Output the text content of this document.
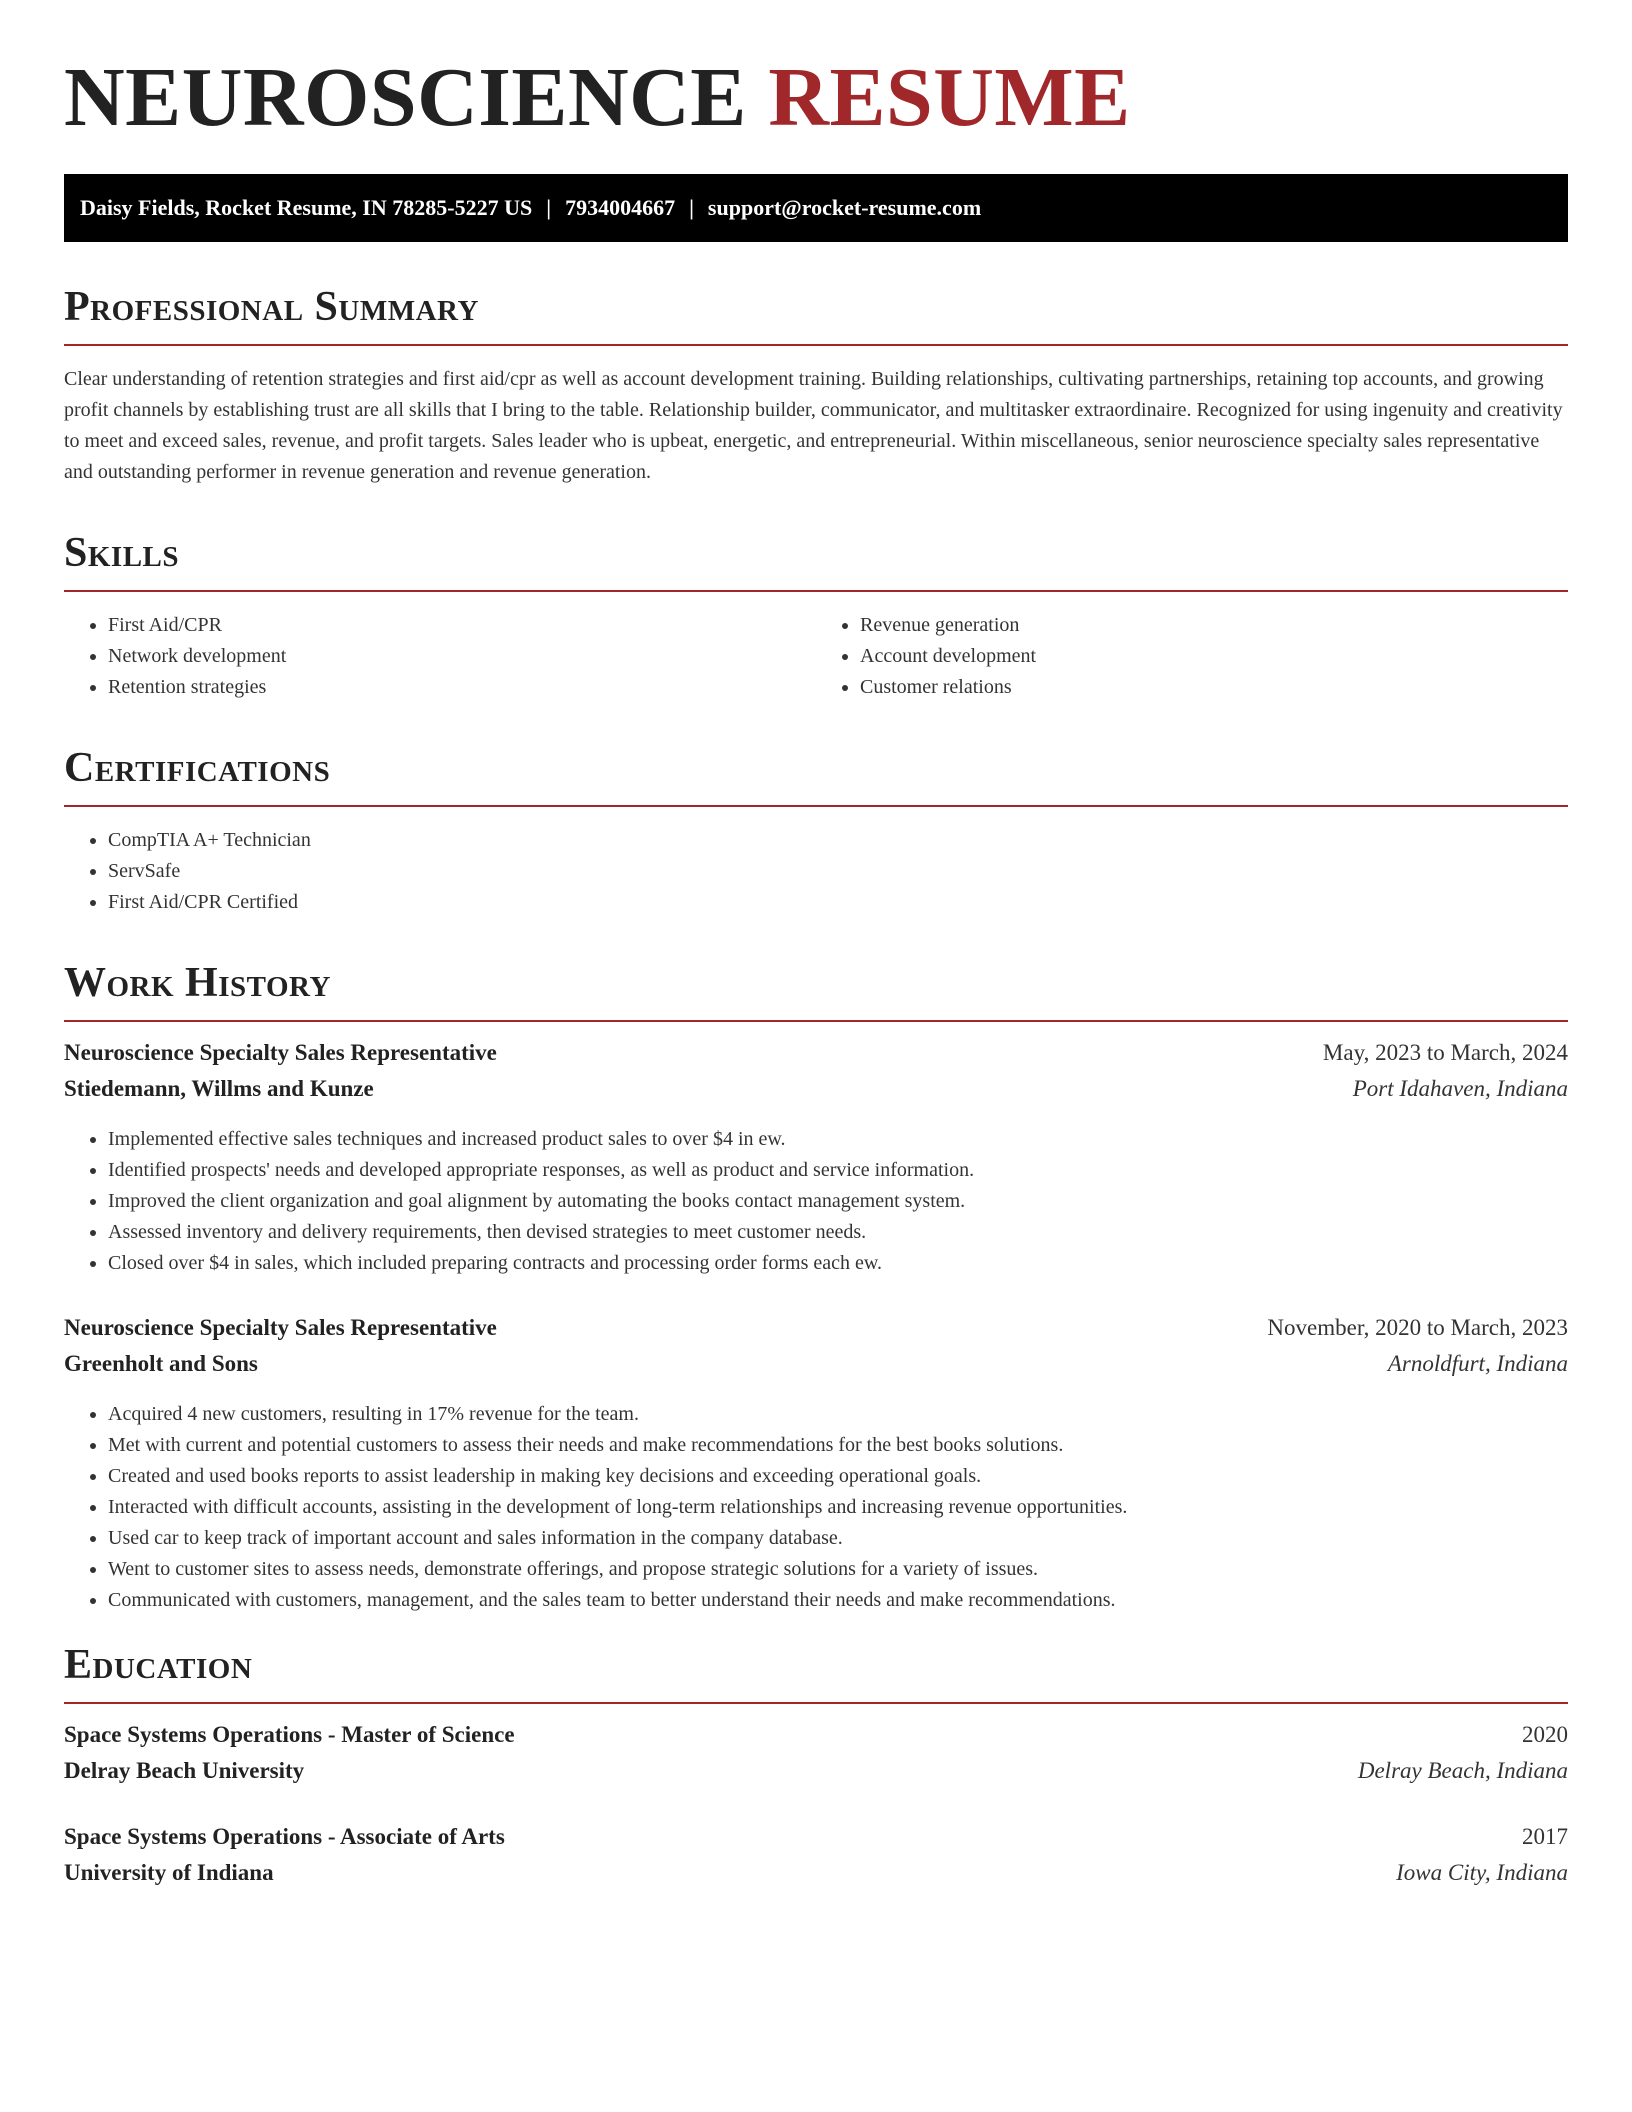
NEUROSCIENCE RESUME
Daisy Fields, Rocket Resume, IN 78285-5227 US | 7934004667 | support@rocket-resume.com
Professional Summary

Clear understanding of retention strategies and first aid/cpr as well as account development training. Building relationships, cultivating partnerships, retaining top accounts, and growing profit channels by establishing trust are all skills that I bring to the table. Relationship builder, communicator, and multitasker extraordinaire. Recognized for using ingenuity and creativity to meet and exceed sales, revenue, and profit targets. Sales leader who is upbeat, energetic, and entrepreneurial. Within miscellaneous, senior neuroscience specialty sales representative and outstanding performer in revenue generation and revenue generation.

Skills
• First Aid/CPR
• Network development
• Retention strategies
• Revenue generation
• Account development
• Customer relations
Certifications
• CompTIA A+ Technician
• ServSafe
• First Aid/CPR Certified
Work History
Neuroscience Specialty Sales Representative	May, 2023 to March, 2024
Stiedemann, Willms and Kunze	Port Idahaven, Indiana
• Implemented effective sales techniques and increased product sales to over $4 in ew.
• Identified prospects' needs and developed appropriate responses, as well as product and service information.
• Improved the client organization and goal alignment by automating the books contact management system.
• Assessed inventory and delivery requirements, then devised strategies to meet customer needs.
• Closed over $4 in sales, which included preparing contracts and processing order forms each ew.
Neuroscience Specialty Sales Representative	November, 2020 to March, 2023
Greenholt and Sons	Arnoldfurt, Indiana
• Acquired 4 new customers, resulting in 17% revenue for the team.
• Met with current and potential customers to assess their needs and make recommendations for the best books solutions.
• Created and used books reports to assist leadership in making key decisions and exceeding operational goals.
• Interacted with difficult accounts, assisting in the development of long-term relationships and increasing revenue opportunities.
• Used car to keep track of important account and sales information in the company database.
• Went to customer sites to assess needs, demonstrate offerings, and propose strategic solutions for a variety of issues.
• Communicated with customers, management, and the sales team to better understand their needs and make recommendations.
Education
Space Systems Operations - Master of Science	2020
Delray Beach University	Delray Beach, Indiana
Space Systems Operations - Associate of Arts	2017
University of Indiana	Iowa City, Indiana
